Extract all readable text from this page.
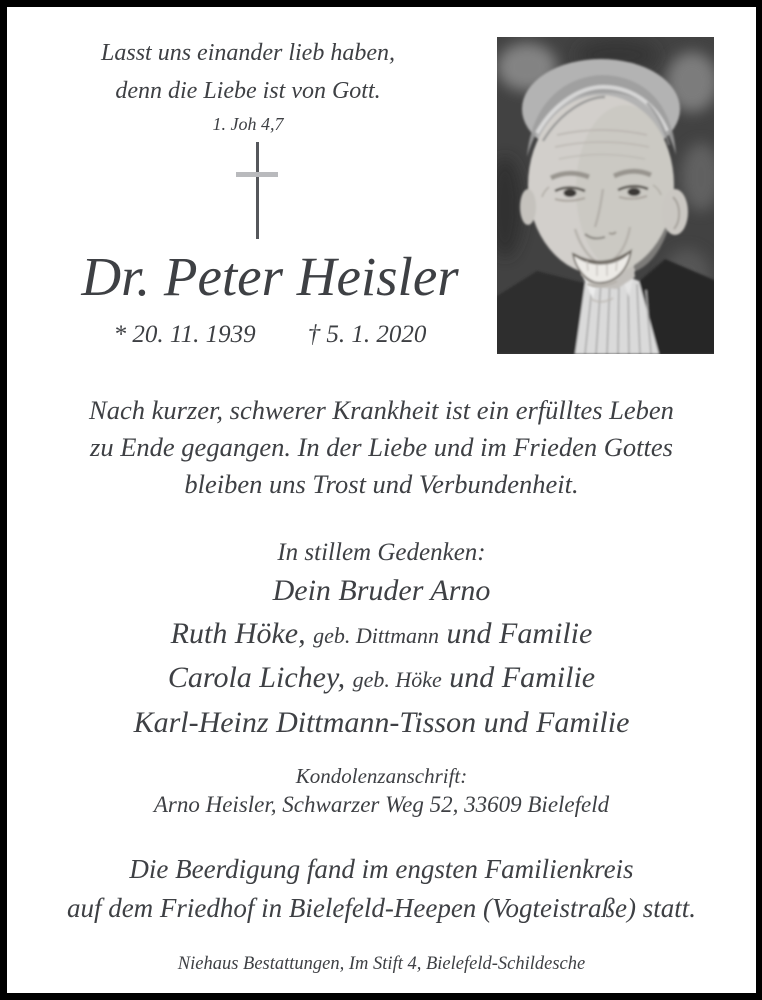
Lasst uns einander lieb haben,
denn die Liebe ist von Gott.
1. Joh 4,7
Dr. Peter Heisler
* 20. 11. 1939 † 5. 1. 2020
Nach kurzer, schwerer Krankheit ist ein erfülltes Leben
zu Ende gegangen. In der Liebe und im Frieden Gottes
bleiben uns Trost und Verbundenheit.
In stillem Gedenken:
Dein Bruder Arno
Ruth Höke, geb. Dittmann und Familie
Carola Lichey, geb. Höke und Familie
Karl-Heinz Dittmann-Tisson und Familie
Kondolenzanschrift:
Arno Heisler, Schwarzer Weg 52, 33609 Bielefeld
Die Beerdigung fand im engsten Familienkreis
auf dem Friedhof in Bielefeld-Heepen (Vogteistraße) statt.
Niehaus Bestattungen, Im Stift 4, Bielefeld-Schildesche
